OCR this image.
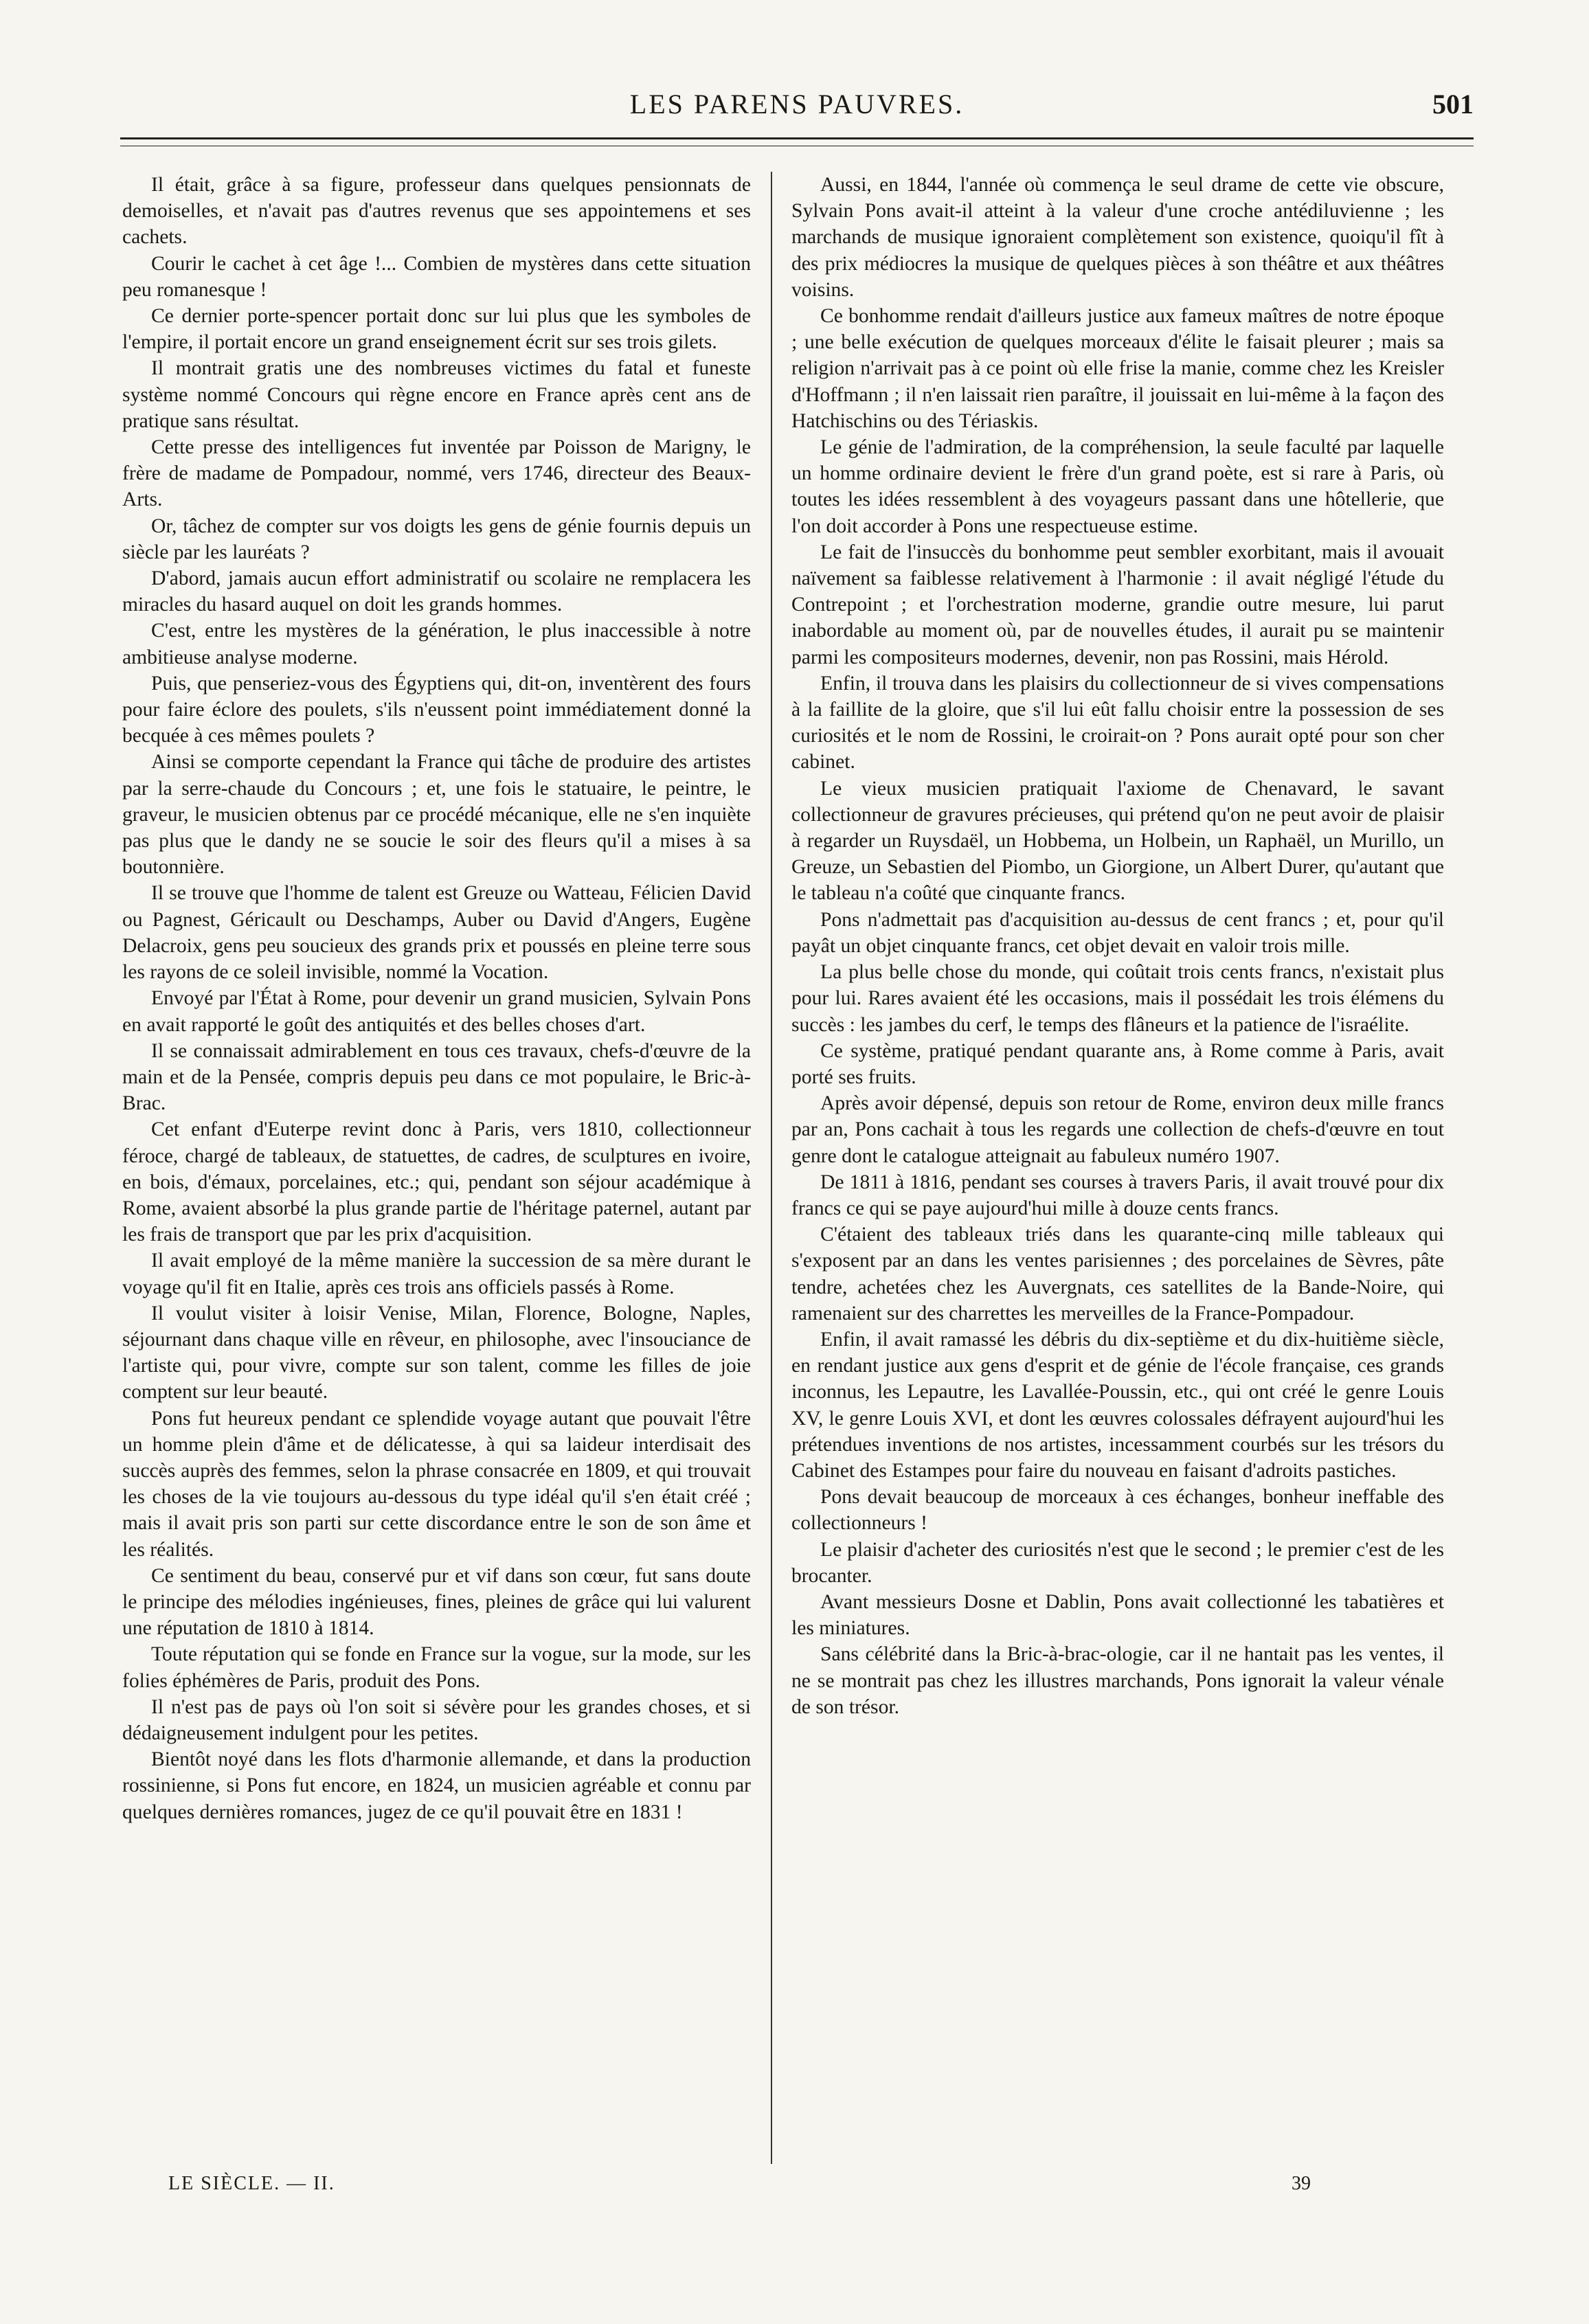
LES PARENS PAUVRES.	501

Il était, grâce à sa figure, professeur dans quelques pensionnats de demoiselles, et n'avait pas d'autres revenus que ses appointemens et ses cachets.

Courir le cachet à cet âge !... Combien de mystères dans cette situation peu romanesque !

Ce dernier porte-spencer portait donc sur lui plus que les symboles de l'empire, il portait encore un grand enseignement écrit sur ses trois gilets.

Il montrait gratis une des nombreuses victimes du fatal et funeste système nommé Concours qui règne encore en France après cent ans de pratique sans résultat.

Cette presse des intelligences fut inventée par Poisson de Marigny, le frère de madame de Pompadour, nommé, vers 1746, directeur des Beaux-Arts.

Or, tâchez de compter sur vos doigts les gens de génie fournis depuis un siècle par les lauréats ?

D'abord, jamais aucun effort administratif ou scolaire ne remplacera les miracles du hasard auquel on doit les grands hommes.

C'est, entre les mystères de la génération, le plus inaccessible à notre ambitieuse analyse moderne.

Puis, que penseriez-vous des Égyptiens qui, dit-on, inventèrent des fours pour faire éclore des poulets, s'ils n'eussent point immédiatement donné la becquée à ces mêmes poulets ?

Ainsi se comporte cependant la France qui tâche de produire des artistes par la serre-chaude du Concours ; et, une fois le statuaire, le peintre, le graveur, le musicien obtenus par ce procédé mécanique, elle ne s'en inquiète pas plus que le dandy ne se soucie le soir des fleurs qu'il a mises à sa boutonnière.

Il se trouve que l'homme de talent est Greuze ou Watteau, Félicien David ou Pagnest, Géricault ou Deschamps, Auber ou David d'Angers, Eugène Delacroix, gens peu soucieux des grands prix et poussés en pleine terre sous les rayons de ce soleil invisible, nommé la Vocation.

Envoyé par l'État à Rome, pour devenir un grand musicien, Sylvain Pons en avait rapporté le goût des antiquités et des belles choses d'art.

Il se connaissait admirablement en tous ces travaux, chefs-d'œuvre de la main et de la Pensée, compris depuis peu dans ce mot populaire, le Bric-à-Brac.

Cet enfant d'Euterpe revint donc à Paris, vers 1810, collectionneur féroce, chargé de tableaux, de statuettes, de cadres, de sculptures en ivoire, en bois, d'émaux, porcelaines, etc.; qui, pendant son séjour académique à Rome, avaient absorbé la plus grande partie de l'héritage paternel, autant par les frais de transport que par les prix d'acquisition.

Il avait employé de la même manière la succession de sa mère durant le voyage qu'il fit en Italie, après ces trois ans officiels passés à Rome.

Il voulut visiter à loisir Venise, Milan, Florence, Bologne, Naples, séjournant dans chaque ville en rêveur, en philosophe, avec l'insouciance de l'artiste qui, pour vivre, compte sur son talent, comme les filles de joie comptent sur leur beauté.

Pons fut heureux pendant ce splendide voyage autant que pouvait l'être un homme plein d'âme et de délicatesse, à qui sa laideur interdisait des succès auprès des femmes, selon la phrase consacrée en 1809, et qui trouvait les choses de la vie toujours au-dessous du type idéal qu'il s'en était créé ; mais il avait pris son parti sur cette discordance entre le son de son âme et les réalités.

Ce sentiment du beau, conservé pur et vif dans son cœur, fut sans doute le principe des mélodies ingénieuses, fines, pleines de grâce qui lui valurent une réputation de 1810 à 1814.

Toute réputation qui se fonde en France sur la vogue, sur la mode, sur les folies éphémères de Paris, produit des Pons.

Il n'est pas de pays où l'on soit si sévère pour les grandes choses, et si dédaigneusement indulgent pour les petites.

Bientôt noyé dans les flots d'harmonie allemande, et dans la production rossinienne, si Pons fut encore, en 1824, un musicien agréable et connu par quelques dernières romances, jugez de ce qu'il pouvait être en 1831 !

Aussi, en 1844, l'année où commença le seul drame de cette vie obscure, Sylvain Pons avait-il atteint à la valeur d'une croche antédiluvienne ; les marchands de musique ignoraient complètement son existence, quoiqu'il fît à des prix médiocres la musique de quelques pièces à son théâtre et aux théâtres voisins.

Ce bonhomme rendait d'ailleurs justice aux fameux maîtres de notre époque ; une belle exécution de quelques morceaux d'élite le faisait pleurer ; mais sa religion n'arrivait pas à ce point où elle frise la manie, comme chez les Kreisler d'Hoffmann ; il n'en laissait rien paraître, il jouissait en lui-même à la façon des Hatchischins ou des Tériaskis.

Le génie de l'admiration, de la compréhension, la seule faculté par laquelle un homme ordinaire devient le frère d'un grand poète, est si rare à Paris, où toutes les idées ressemblent à des voyageurs passant dans une hôtellerie, que l'on doit accorder à Pons une respectueuse estime.

Le fait de l'insuccès du bonhomme peut sembler exorbitant, mais il avouait naïvement sa faiblesse relativement à l'harmonie : il avait négligé l'étude du Contrepoint ; et l'orchestration moderne, grandie outre mesure, lui parut inabordable au moment où, par de nouvelles études, il aurait pu se maintenir parmi les compositeurs modernes, devenir, non pas Rossini, mais Hérold.

Enfin, il trouva dans les plaisirs du collectionneur de si vives compensations à la faillite de la gloire, que s'il lui eût fallu choisir entre la possession de ses curiosités et le nom de Rossini, le croirait-on ? Pons aurait opté pour son cher cabinet.

Le vieux musicien pratiquait l'axiome de Chenavard, le savant collectionneur de gravures précieuses, qui prétend qu'on ne peut avoir de plaisir à regarder un Ruysdaël, un Hobbema, un Holbein, un Raphaël, un Murillo, un Greuze, un Sebastien del Piombo, un Giorgione, un Albert Durer, qu'autant que le tableau n'a coûté que cinquante francs.

Pons n'admettait pas d'acquisition au-dessus de cent francs ; et, pour qu'il payât un objet cinquante francs, cet objet devait en valoir trois mille.

La plus belle chose du monde, qui coûtait trois cents francs, n'existait plus pour lui. Rares avaient été les occasions, mais il possédait les trois élémens du succès : les jambes du cerf, le temps des flâneurs et la patience de l'israélite.

Ce système, pratiqué pendant quarante ans, à Rome comme à Paris, avait porté ses fruits.

Après avoir dépensé, depuis son retour de Rome, environ deux mille francs par an, Pons cachait à tous les regards une collection de chefs-d'œuvre en tout genre dont le catalogue atteignait au fabuleux numéro 1907.

De 1811 à 1816, pendant ses courses à travers Paris, il avait trouvé pour dix francs ce qui se paye aujourd'hui mille à douze cents francs.

C'étaient des tableaux triés dans les quarante-cinq mille tableaux qui s'exposent par an dans les ventes parisiennes ; des porcelaines de Sèvres, pâte tendre, achetées chez les Auvergnats, ces satellites de la Bande-Noire, qui ramenaient sur des charrettes les merveilles de la France-Pompadour.

Enfin, il avait ramassé les débris du dix-septième et du dix-huitième siècle, en rendant justice aux gens d'esprit et de génie de l'école française, ces grands inconnus, les Lepautre, les Lavallée-Poussin, etc., qui ont créé le genre Louis XV, le genre Louis XVI, et dont les œuvres colossales défrayent aujourd'hui les prétendues inventions de nos artistes, incessamment courbés sur les trésors du Cabinet des Estampes pour faire du nouveau en faisant d'adroits pastiches.

Pons devait beaucoup de morceaux à ces échanges, bonheur ineffable des collectionneurs !

Le plaisir d'acheter des curiosités n'est que le second ; le premier c'est de les brocanter.

Avant messieurs Dosne et Dablin, Pons avait collectionné les tabatières et les miniatures.

Sans célébrité dans la Bric-à-brac-ologie, car il ne hantait pas les ventes, il ne se montrait pas chez les illustres marchands, Pons ignorait la valeur vénale de son trésor.

LE SIÈCLE. — II.	39
